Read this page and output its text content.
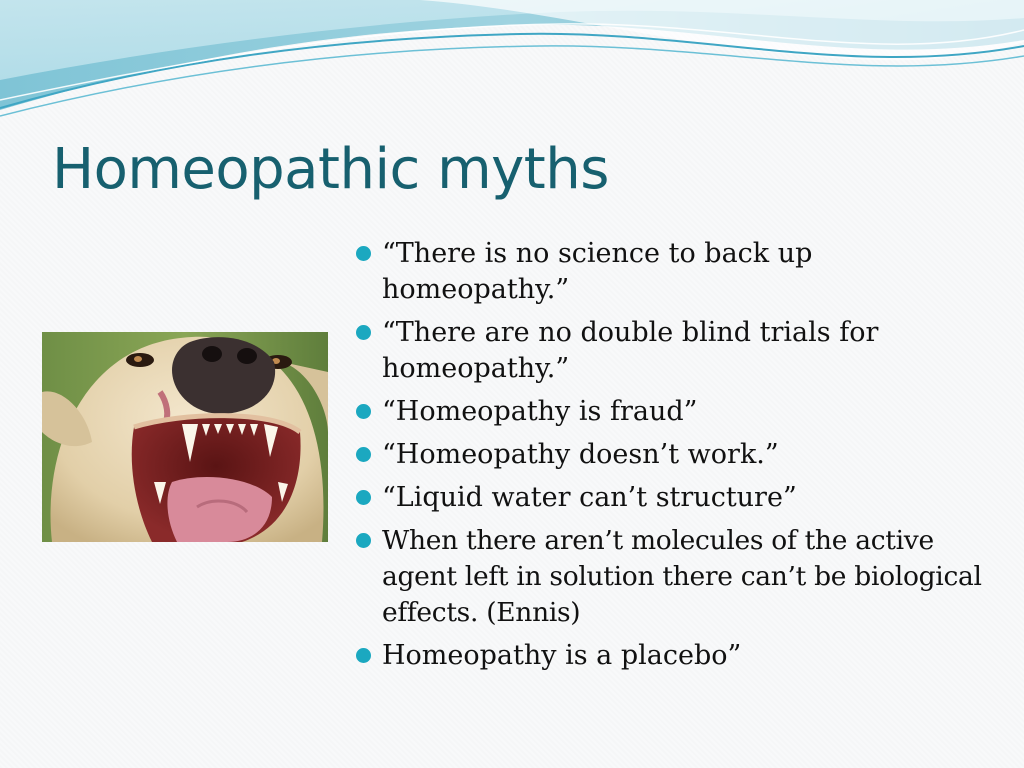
Homeopathic myths
“There is no science to back up homeopathy.”
“There are no double blind trials for homeopathy.”
“Homeopathy is fraud”
“Homeopathy doesn’t work.”
“Liquid water can’t structure”
When there aren’t molecules of the active agent left in solution there can’t be biological effects. (Ennis)
Homeopathy is a placebo”
